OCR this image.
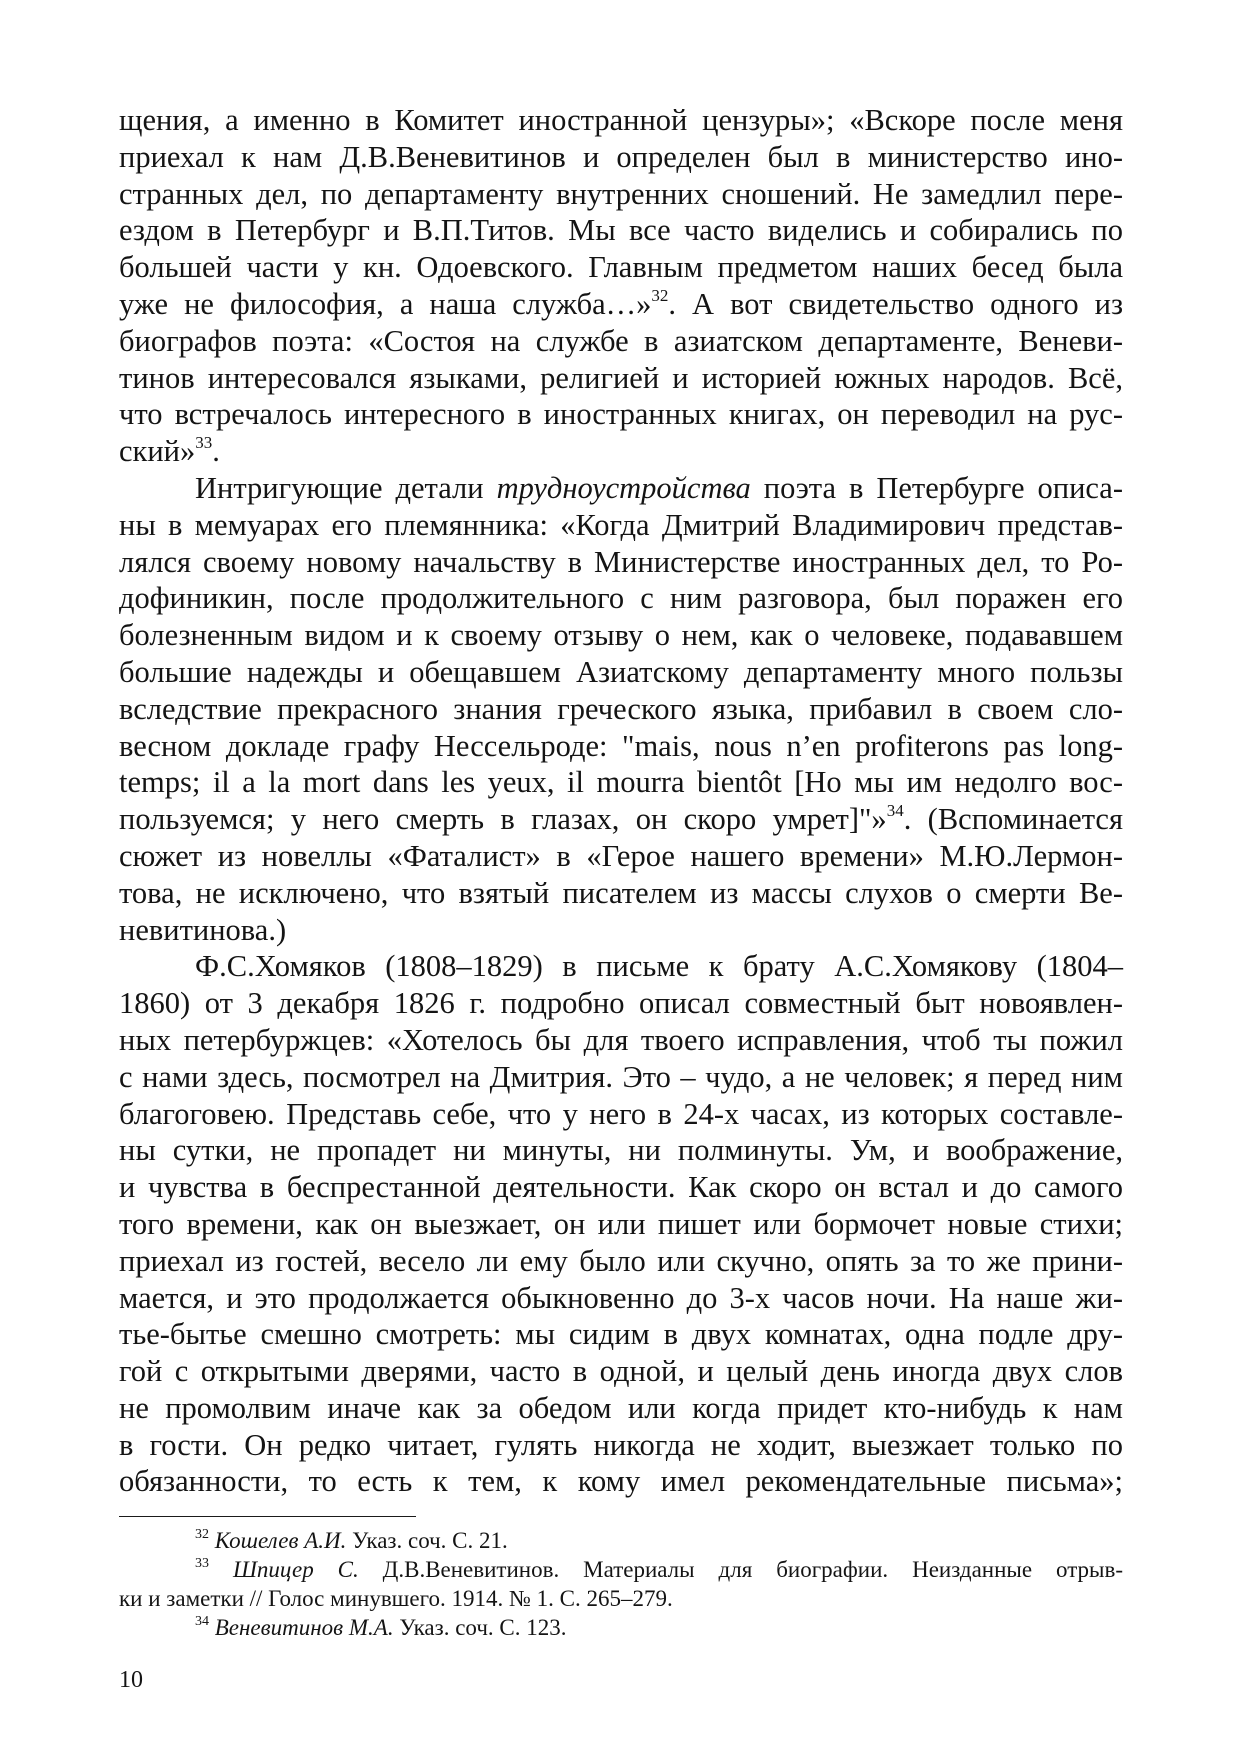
щения, а именно в Комитет иностранной цензуры»; «Вскоре после меня
приехал к нам Д.В.Веневитинов и определен был в министерство ино-
странных дел, по департаменту внутренних сношений. Не замедлил пере-
ездом в Петербург и В.П.Титов. Мы все часто виделись и собирались по
большей части у кн. Одоевского. Главным предметом наших бесед была
уже не философия, а наша служба…»$^{32}$. А вот свидетельство одного из
биографов поэта: «Состоя на службе в азиатском департаменте, Веневи-
тинов интересовался языками, религией и историей южных народов. Всё,
что встречалось интересного в иностранных книгах, он переводил на рус-
ский»$^{33}$.
Интригующие детали трудноустройства поэта в Петербурге описа-
ны в мемуарах его племянника: «Когда Дмитрий Владимирович представ-
лялся своему новому начальству в Министерстве иностранных дел, то Ро-
дофиникин, после продолжительного с ним разговора, был поражен его
болезненным видом и к своему отзыву о нем, как о человеке, подававшем
большие надежды и обещавшем Азиатскому департаменту много пользы
вследствие прекрасного знания греческого языка, прибавил в своем сло-
весном докладе графу Нессельроде: "mais, nous n’en profiterons pas long-
temps; il a la mort dans les yeux, il mourra bientôt [Но мы им недолго вос-
пользуемся; у него смерть в глазах, он скоро умрет]"»$^{34}$. (Вспоминается
сюжет из новеллы «Фаталист» в «Герое нашего времени» М.Ю.Лермон-
това, не исключено, что взятый писателем из массы слухов о смерти Ве-
невитинова.)
Ф.С.Хомяков (1808–1829) в письме к брату А.С.Хомякову (1804–
1860) от 3 декабря 1826 г. подробно описал совместный быт новоявлен-
ных петербуржцев: «Хотелось бы для твоего исправления, чтоб ты пожил
с нами здесь, посмотрел на Дмитрия. Это – чудо, а не человек; я перед ним
благоговею. Представь себе, что у него в 24-х часах, из которых составле-
ны сутки, не пропадет ни минуты, ни полминуты. Ум, и воображение,
и чувства в беспрестанной деятельности. Как скоро он встал и до самого
того времени, как он выезжает, он или пишет или бормочет новые стихи;
приехал из гостей, весело ли ему было или скучно, опять за то же прини-
мается, и это продолжается обыкновенно до 3-х часов ночи. На наше жи-
тье-бытье смешно смотреть: мы сидим в двух комнатах, одна подле дру-
гой с открытыми дверями, часто в одной, и целый день иногда двух слов
не промолвим иначе как за обедом или когда придет кто-нибудь к нам
в гости. Он редко читает, гулять никогда не ходит, выезжает только по
обязанности, то есть к тем, к кому имел рекомендательные письма»;
$^{32}$ Кошелев А.И. Указ. соч. С. 21.
$^{33}$ Шпицер С. Д.В.Веневитинов. Материалы для биографии. Неизданные отрыв-
ки и заметки // Голос минувшего. 1914. № 1. С. 265–279.
$^{34}$ Веневитинов М.А. Указ. соч. С. 123.
10
